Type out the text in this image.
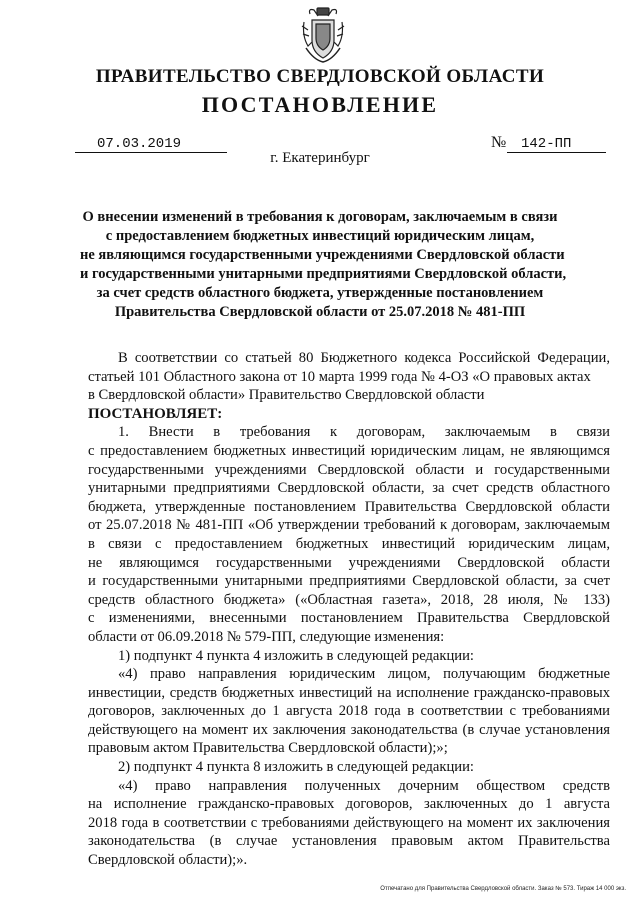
ПРАВИТЕЛЬСТВО СВЕРДЛОВСКОЙ ОБЛАСТИ
ПОСТАНОВЛЕНИЕ
07.03.2019	№	142-ПП
г. Екатеринбург
О внесении изменений в требования к договорам, заключаемым в связи
с предоставлением бюджетных инвестиций юридическим лицам,
не являющимся государственными учреждениями Свердловской области
и государственными унитарными предприятиями Свердловской области,
за счет средств областного бюджета, утвержденные постановлением
Правительства Свердловской области от 25.07.2018 № 481-ПП
В соответствии со статьей 80 Бюджетного кодекса Российской Федерации,
статьей 101 Областного закона от 10 марта 1999 года № 4-ОЗ «О правовых актах
в Свердловской области» Правительство Свердловской области
ПОСТАНОВЛЯЕТ:
1. Внести в требования к договорам, заключаемым в связи
с предоставлением бюджетных инвестиций юридическим лицам, не являющимся
государственными учреждениями Свердловской области и государственными
унитарными предприятиями Свердловской области, за счет средств областного
бюджета, утвержденные постановлением Правительства Свердловской области
от 25.07.2018 № 481-ПП «Об утверждении требований к договорам, заключаемым
в связи с предоставлением бюджетных инвестиций юридическим лицам,
не являющимся государственными учреждениями Свердловской области
и государственными унитарными предприятиями Свердловской области, за счет
средств областного бюджета» («Областная газета», 2018, 28 июля, № 133)
с изменениями, внесенными постановлением Правительства Свердловской
области от 06.09.2018 № 579-ПП, следующие изменения:
1) подпункт 4 пункта 4 изложить в следующей редакции:
«4) право направления юридическим лицом, получающим бюджетные
инвестиции, средств бюджетных инвестиций на исполнение гражданско-правовых
договоров, заключенных до 1 августа 2018 года в соответствии с требованиями
действующего на момент их заключения законодательства (в случае установления
правовым актом Правительства Свердловской области);»;
2) подпункт 4 пункта 8 изложить в следующей редакции:
«4) право направления полученных дочерним обществом средств
на исполнение гражданско-правовых договоров, заключенных до 1 августа
2018 года в соответствии с требованиями действующего на момент их заключения
законодательства (в случае установления правовым актом Правительства
Свердловской области);».
Отпечатано для Правительства Свердловской области. Заказ № 573. Тираж 14 000 экз.
